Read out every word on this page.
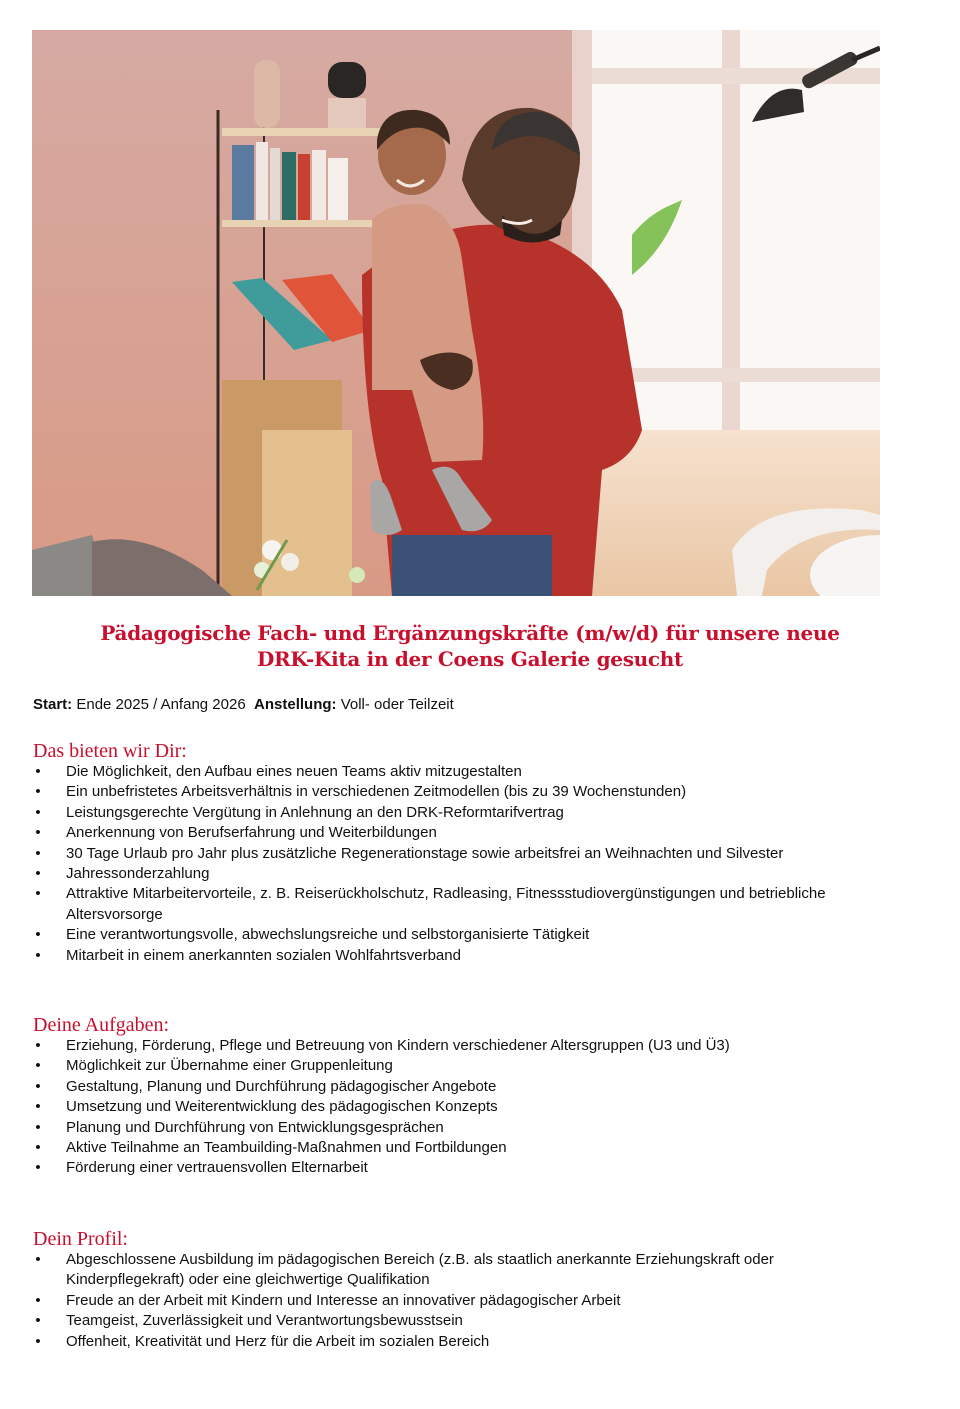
Pädagogische Fach- und Ergänzungskräfte (m/w/d) für unsere neue
DRK-Kita in der Coens Galerie gesucht
Start: Ende 2025 / Anfang 2026 Anstellung: Voll- oder Teilzeit
Das bieten wir Dir:
• Die Möglichkeit, den Aufbau eines neuen Teams aktiv mitzugestalten
• Ein unbefristetes Arbeitsverhältnis in verschiedenen Zeitmodellen (bis zu 39 Wochenstunden)
• Leistungsgerechte Vergütung in Anlehnung an den DRK-Reformtarifvertrag
• Anerkennung von Berufserfahrung und Weiterbildungen
• 30 Tage Urlaub pro Jahr plus zusätzliche Regenerationstage sowie arbeitsfrei an Weihnachten und Silvester
• Jahressonderzahlung
• Attraktive Mitarbeitervorteile, z. B. Reiserückholschutz, Radleasing, Fitnessstudiovergünstigungen und betriebliche Altersvorsorge
• Eine verantwortungsvolle, abwechslungsreiche und selbstorganisierte Tätigkeit
• Mitarbeit in einem anerkannten sozialen Wohlfahrtsverband
Deine Aufgaben:
• Erziehung, Förderung, Pflege und Betreuung von Kindern verschiedener Altersgruppen (U3 und Ü3)
• Möglichkeit zur Übernahme einer Gruppenleitung
• Gestaltung, Planung und Durchführung pädagogischer Angebote
• Umsetzung und Weiterentwicklung des pädagogischen Konzepts
• Planung und Durchführung von Entwicklungsgesprächen
• Aktive Teilnahme an Teambuilding-Maßnahmen und Fortbildungen
• Förderung einer vertrauensvollen Elternarbeit
Dein Profil:
• Abgeschlossene Ausbildung im pädagogischen Bereich (z.B. als staatlich anerkannte Erziehungskraft oder Kinderpflegekraft) oder eine gleichwertige Qualifikation
• Freude an der Arbeit mit Kindern und Interesse an innovativer pädagogischer Arbeit
• Teamgeist, Zuverlässigkeit und Verantwortungsbewusstsein
• Offenheit, Kreativität und Herz für die Arbeit im sozialen Bereich
